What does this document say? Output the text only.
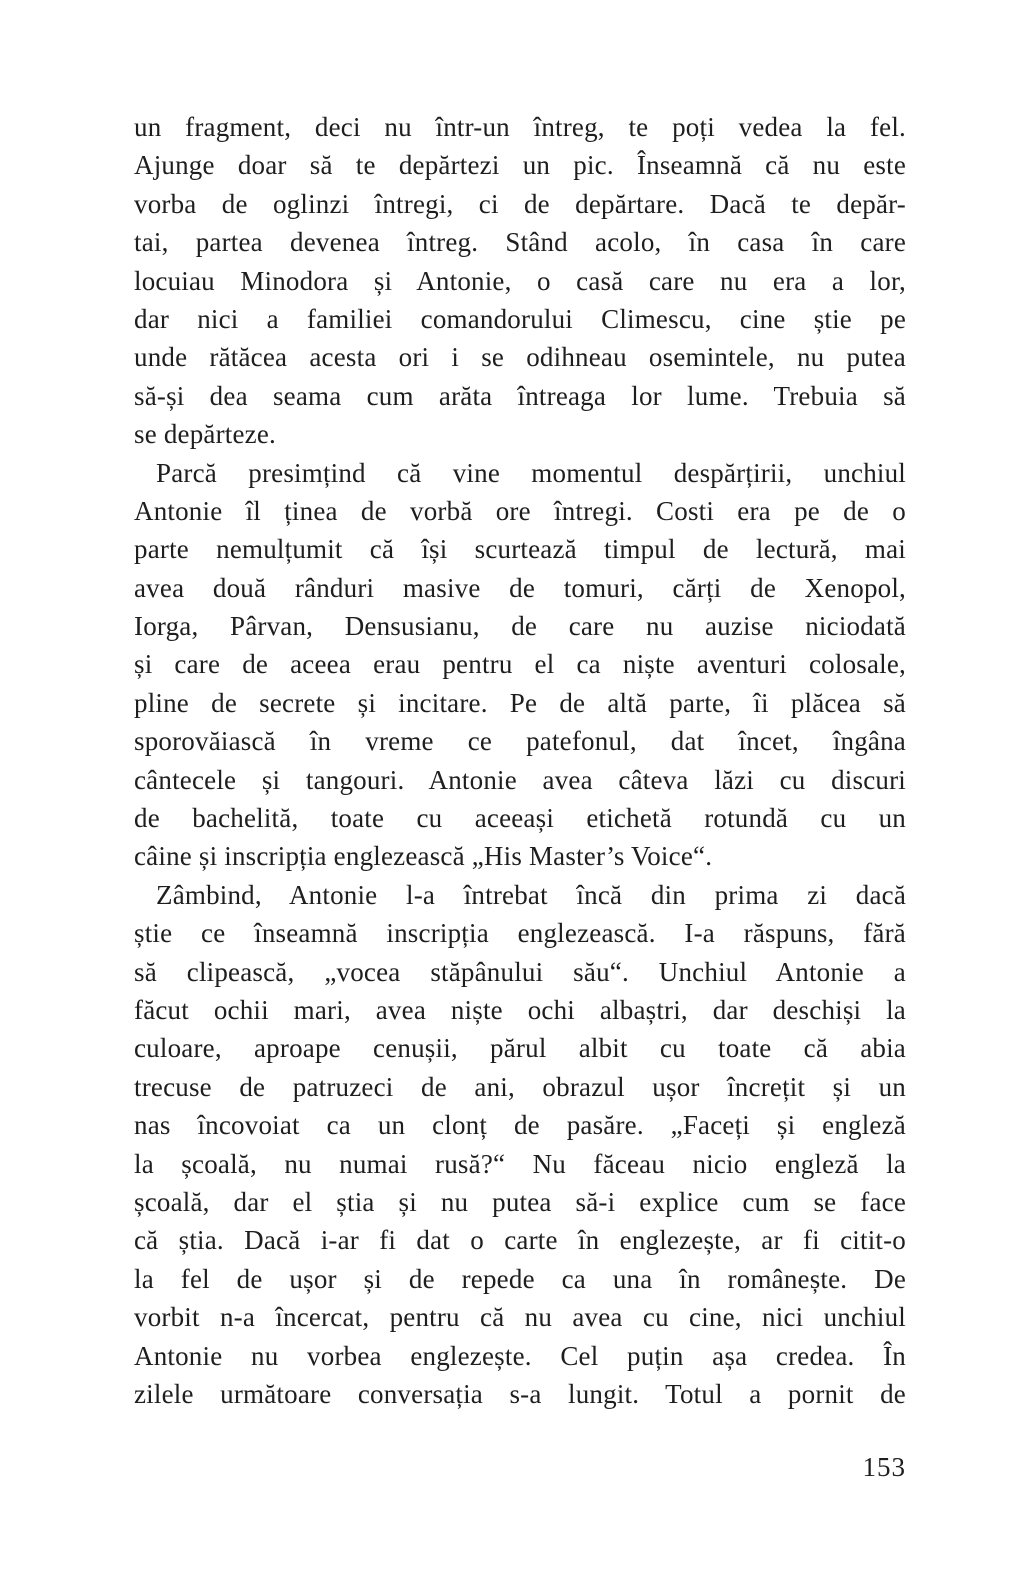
un fragment, deci nu într-un întreg, te poți vedea la fel.
Ajunge doar să te depărtezi un pic. Înseamnă că nu este
vorba de oglinzi întregi, ci de depărtare. Dacă te depăr-
tai, partea devenea întreg. Stând acolo, în casa în care
locuiau Minodora și Antonie, o casă care nu era a lor,
dar nici a familiei comandorului Climescu, cine știe pe
unde rătăcea acesta ori i se odihneau osemintele, nu putea
să-și dea seama cum arăta întreaga lor lume. Trebuia să
se depărteze.
Parcă presimțind că vine momentul despărțirii, unchiul
Antonie îl ținea de vorbă ore întregi. Costi era pe de o
parte nemulțumit că își scurtează timpul de lectură, mai
avea două rânduri masive de tomuri, cărți de Xenopol,
Iorga, Pârvan, Densusianu, de care nu auzise niciodată
și care de aceea erau pentru el ca niște aventuri colosale,
pline de secrete și incitare. Pe de altă parte, îi plăcea să
sporovăiască în vreme ce patefonul, dat încet, îngâna
cântecele și tangouri. Antonie avea câteva lăzi cu discuri
de bachelită, toate cu aceeași etichetă rotundă cu un
câine și inscripția englezească „His Master’s Voice“.
Zâmbind, Antonie l-a întrebat încă din prima zi dacă
știe ce înseamnă inscripția englezească. I-a răspuns, fără
să clipească, „vocea stăpânului său“. Unchiul Antonie a
făcut ochii mari, avea niște ochi albaștri, dar deschiși la
culoare, aproape cenușii, părul albit cu toate că abia
trecuse de patruzeci de ani, obrazul ușor încrețit și un
nas încovoiat ca un clonț de pasăre. „Faceți și engleză
la școală, nu numai rusă?“ Nu făceau nicio engleză la
școală, dar el știa și nu putea să-i explice cum se face
că știa. Dacă i-ar fi dat o carte în englezește, ar fi citit-o
la fel de ușor și de repede ca una în românește. De
vorbit n-a încercat, pentru că nu avea cu cine, nici unchiul
Antonie nu vorbea englezește. Cel puțin așa credea. În
zilele următoare conversația s-a lungit. Totul a pornit de
153
